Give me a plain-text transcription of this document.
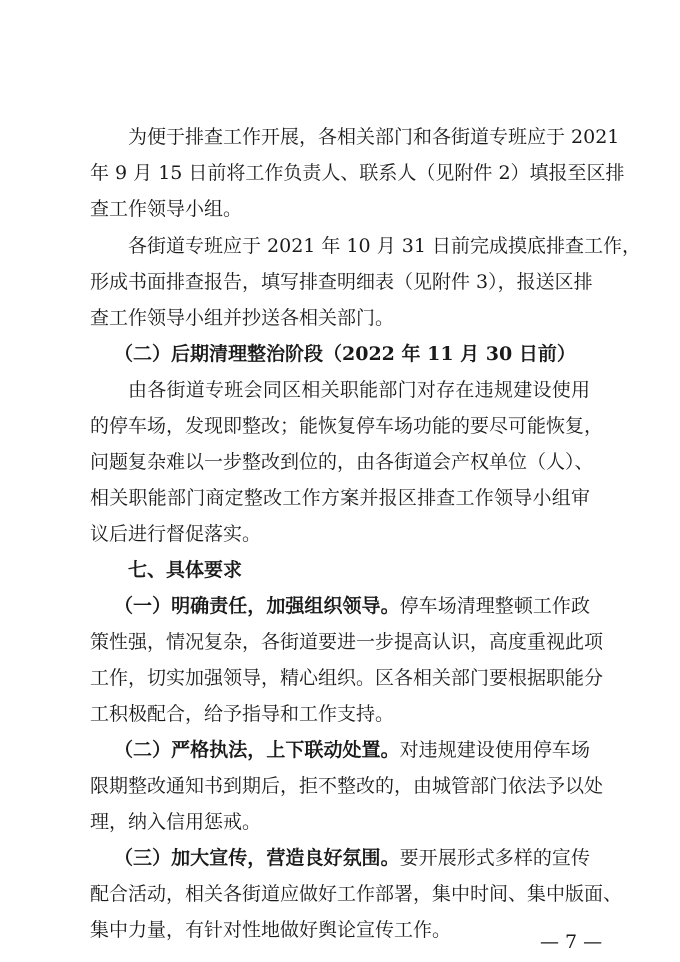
为便于排查工作开展，各相关部门和各街道专班应于 2021
年 9 月 15 日前将工作负责人、联系人（见附件 2）填报至区排
查工作领导小组。
各街道专班应于 2021 年 10 月 31 日前完成摸底排查工作，
形成书面排查报告，填写排查明细表（见附件 3），报送区排
查工作领导小组并抄送各相关部门。
（二）后期清理整治阶段（2022 年 11 月 30 日前）
由各街道专班会同区相关职能部门对存在违规建设使用
的停车场，发现即整改；能恢复停车场功能的要尽可能恢复，
问题复杂难以一步整改到位的，由各街道会产权单位（人）、
相关职能部门商定整改工作方案并报区排查工作领导小组审
议后进行督促落实。
七、具体要求
（一）明确责任，加强组织领导。停车场清理整顿工作政
策性强，情况复杂，各街道要进一步提高认识，高度重视此项
工作，切实加强领导，精心组织。区各相关部门要根据职能分
工积极配合，给予指导和工作支持。
（二）严格执法，上下联动处置。对违规建设使用停车场
限期整改通知书到期后，拒不整改的，由城管部门依法予以处
理，纳入信用惩戒。
（三）加大宣传，营造良好氛围。要开展形式多样的宣传
配合活动，相关各街道应做好工作部署，集中时间、集中版面、
集中力量，有针对性地做好舆论宣传工作。
— 7 —
